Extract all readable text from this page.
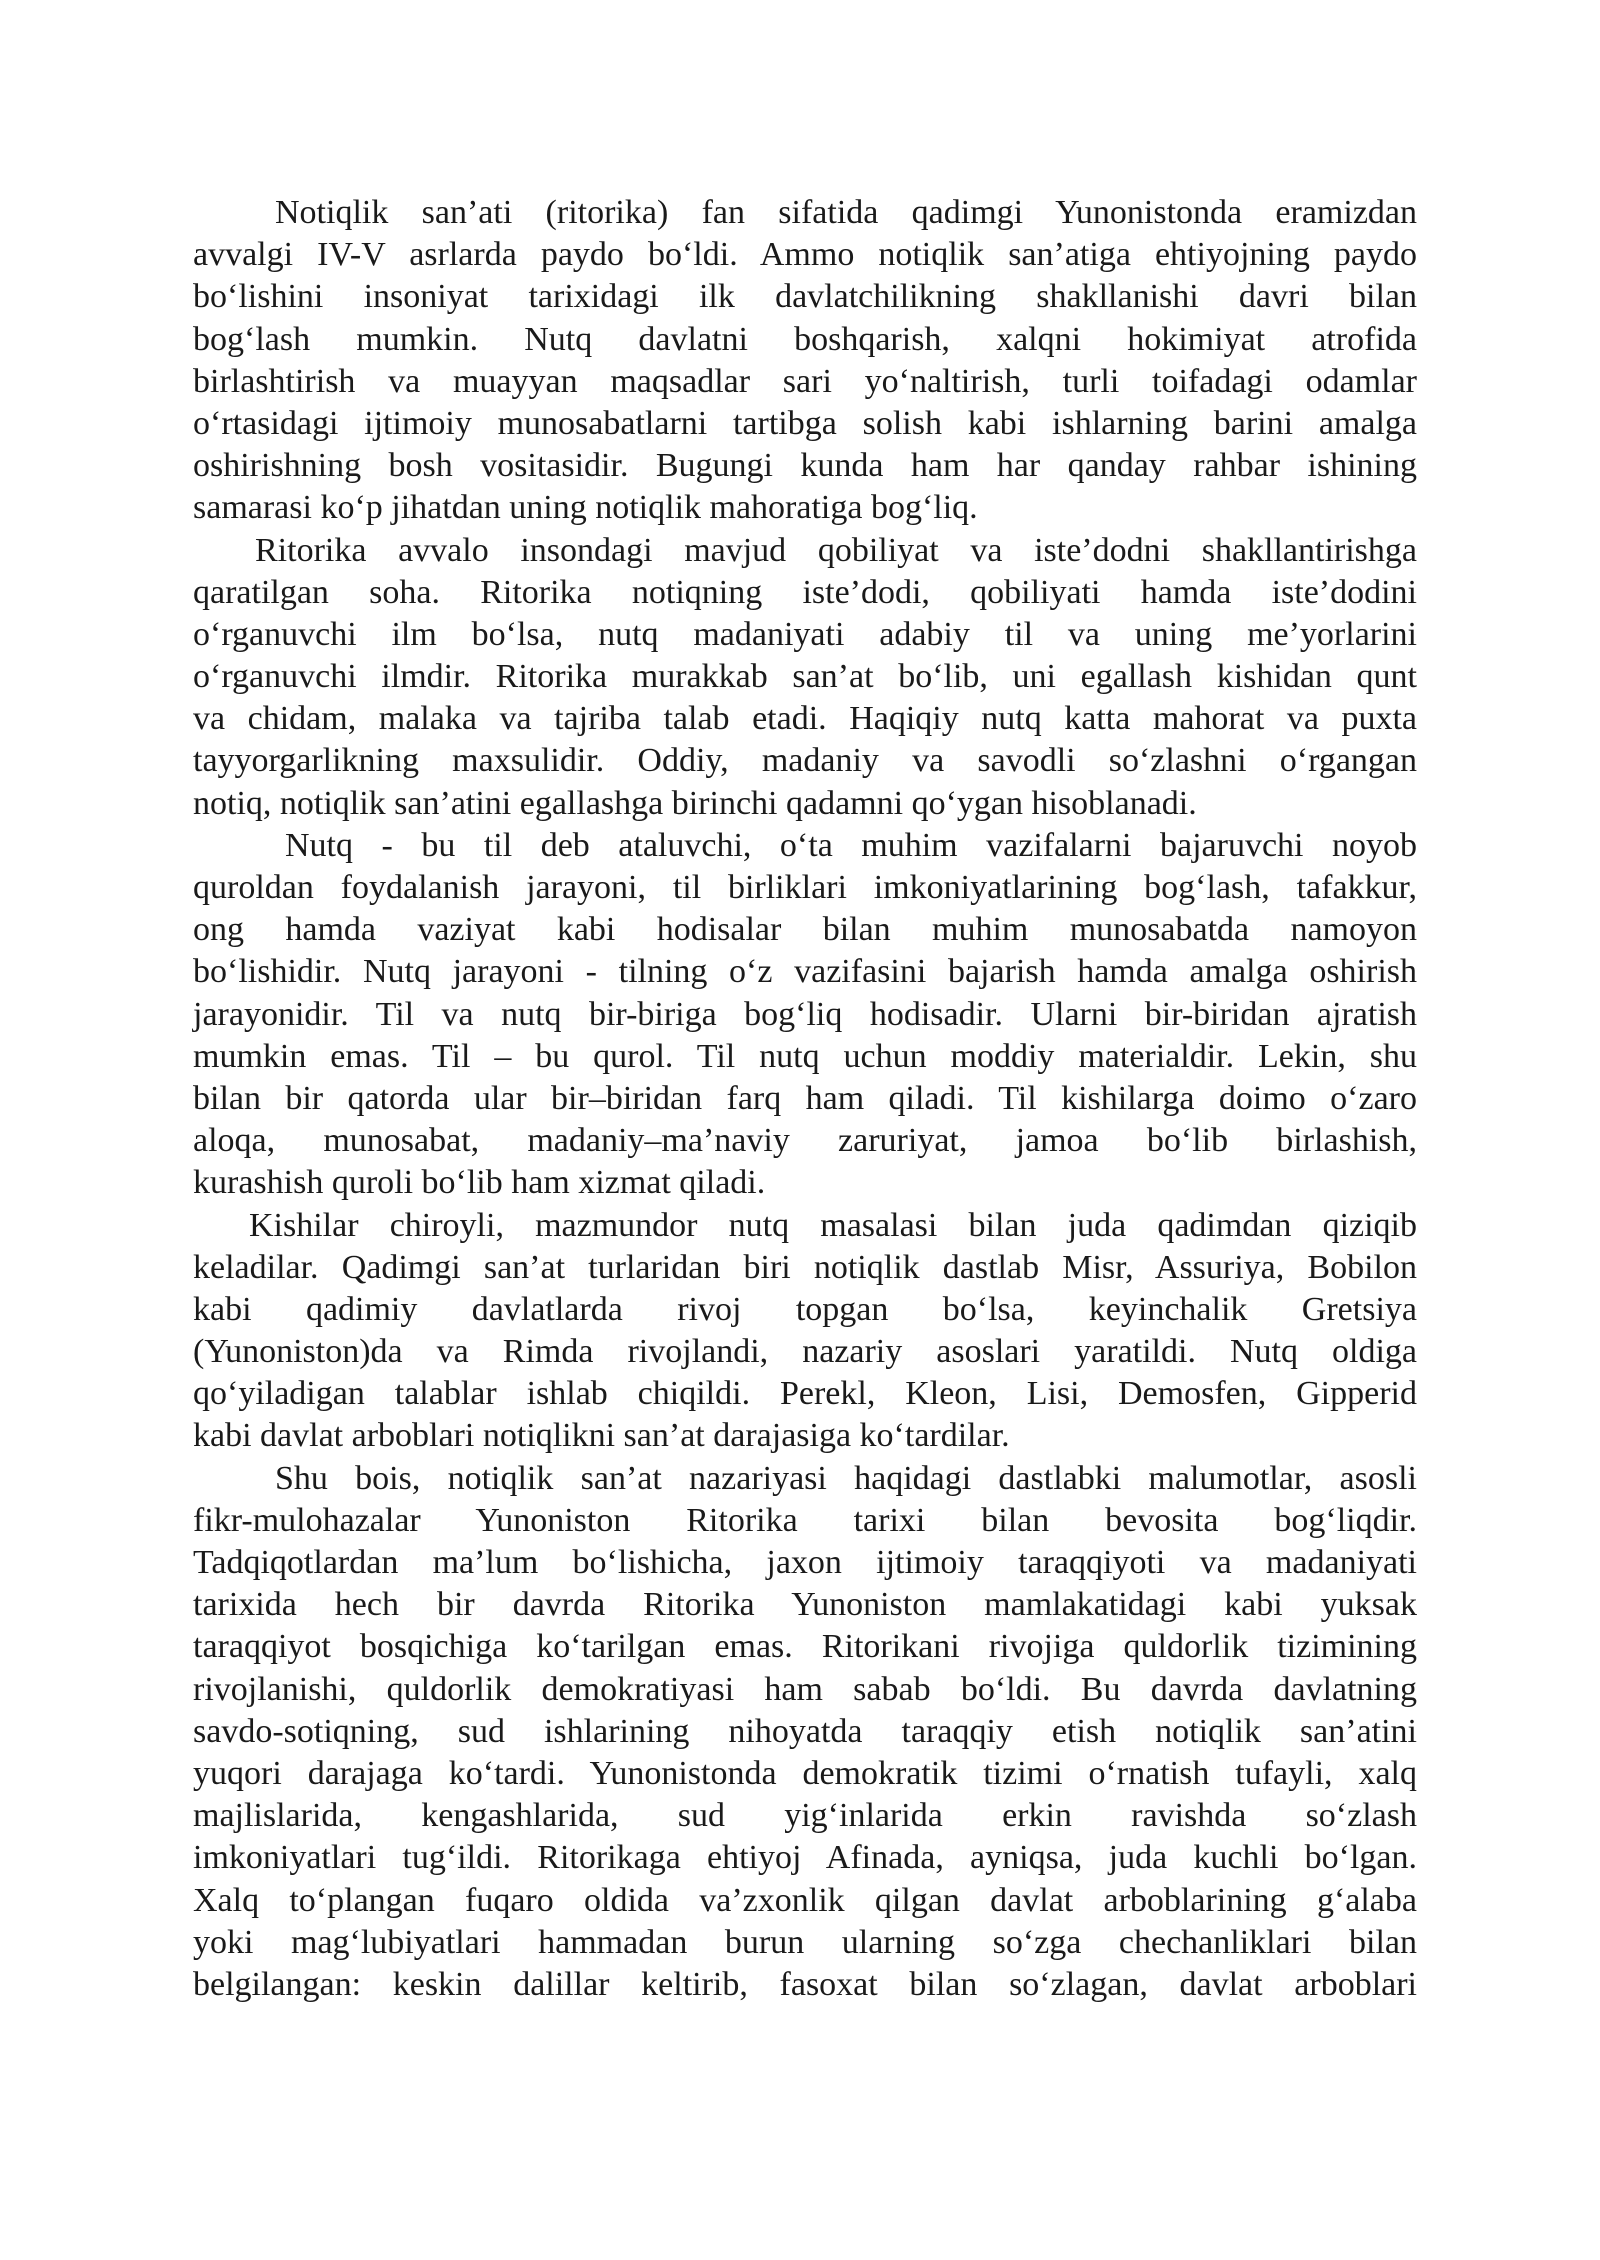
Notiqlik san’ati (ritorika) fan sifatida qadimgi Yunonistonda eramizdan
avvalgi IV-V asrlarda paydo bo‘ldi. Ammo notiqlik san’atiga ehtiyojning paydo
bo‘lishini insoniyat tarixidagi ilk davlatchilikning shakllanishi davri bilan
bog‘lash mumkin. Nutq davlatni boshqarish, xalqni hokimiyat atrofida
birlashtirish va muayyan maqsadlar sari yo‘naltirish, turli toifadagi odamlar
o‘rtasidagi ijtimoiy munosabatlarni tartibga solish kabi ishlarning barini amalga
oshirishning bosh vositasidir. Bugungi kunda ham har qanday rahbar ishining
samarasi ko‘p jihatdan uning notiqlik mahoratiga bog‘liq.
Ritorika avvalo insondagi mavjud qobiliyat va iste’dodni shakllantirishga
qaratilgan soha. Ritorika notiqning iste’dodi, qobiliyati hamda iste’dodini
o‘rganuvchi ilm bo‘lsa, nutq madaniyati adabiy til va uning me’yorlarini
o‘rganuvchi ilmdir. Ritorika murakkab san’at bo‘lib, uni egallash kishidan qunt
va chidam, malaka va tajriba talab etadi. Haqiqiy nutq katta mahorat va puxta
tayyorgarlikning maxsulidir. Oddiy, madaniy va savodli so‘zlashni o‘rgangan
notiq, notiqlik san’atini egallashga birinchi qadamni qo‘ygan hisoblanadi.
Nutq - bu til deb ataluvchi, o‘ta muhim vazifalarni bajaruvchi noyob
quroldan foydalanish jarayoni, til birliklari imkoniyatlarining bog‘lash, tafakkur,
ong hamda vaziyat kabi hodisalar bilan muhim munosabatda namoyon
bo‘lishidir. Nutq jarayoni - tilning o‘z vazifasini bajarish hamda amalga oshirish
jarayonidir. Til va nutq bir-biriga bog‘liq hodisadir. Ularni bir-biridan ajratish
mumkin emas. Til – bu qurol. Til nutq uchun moddiy materialdir. Lekin, shu
bilan bir qatorda ular bir–biridan farq ham qiladi. Til kishilarga doimo o‘zaro
aloqa, munosabat, madaniy–ma’naviy zaruriyat, jamoa bo‘lib birlashish,
kurashish quroli bo‘lib ham xizmat qiladi.
Kishilar chiroyli, mazmundor nutq masalasi bilan juda qadimdan qiziqib
keladilar. Qadimgi san’at turlaridan biri notiqlik dastlab Misr, Assuriya, Bobilon
kabi qadimiy davlatlarda rivoj topgan bo‘lsa, keyinchalik Gretsiya
(Yunoniston)da va Rimda rivojlandi, nazariy asoslari yaratildi. Nutq oldiga
qo‘yiladigan talablar ishlab chiqildi. Perekl, Kleon, Lisi, Demosfen, Gipperid
kabi davlat arboblari notiqlikni san’at darajasiga ko‘tardilar.
Shu bois, notiqlik san’at nazariyasi haqidagi dastlabki malumotlar, asosli
fikr-mulohazalar Yunoniston Ritorika tarixi bilan bevosita bog‘liqdir.
Tadqiqotlardan ma’lum bo‘lishicha, jaxon ijtimoiy taraqqiyoti va madaniyati
tarixida hech bir davrda Ritorika Yunoniston mamlakatidagi kabi yuksak
taraqqiyot bosqichiga ko‘tarilgan emas. Ritorikani rivojiga quldorlik tizimining
rivojlanishi, quldorlik demokratiyasi ham sabab bo‘ldi. Bu davrda davlatning
savdo-sotiqning, sud ishlarining nihoyatda taraqqiy etish notiqlik san’atini
yuqori darajaga ko‘tardi. Yunonistonda demokratik tizimi o‘rnatish tufayli, xalq
majlislarida, kengashlarida, sud yig‘inlarida erkin ravishda so‘zlash
imkoniyatlari tug‘ildi. Ritorikaga ehtiyoj Afinada, ayniqsa, juda kuchli bo‘lgan.
Xalq to‘plangan fuqaro oldida va’zxonlik qilgan davlat arboblarining g‘alaba
yoki mag‘lubiyatlari hammadan burun ularning so‘zga chechanliklari bilan
belgilangan: keskin dalillar keltirib, fasoxat bilan so‘zlagan, davlat arboblari
